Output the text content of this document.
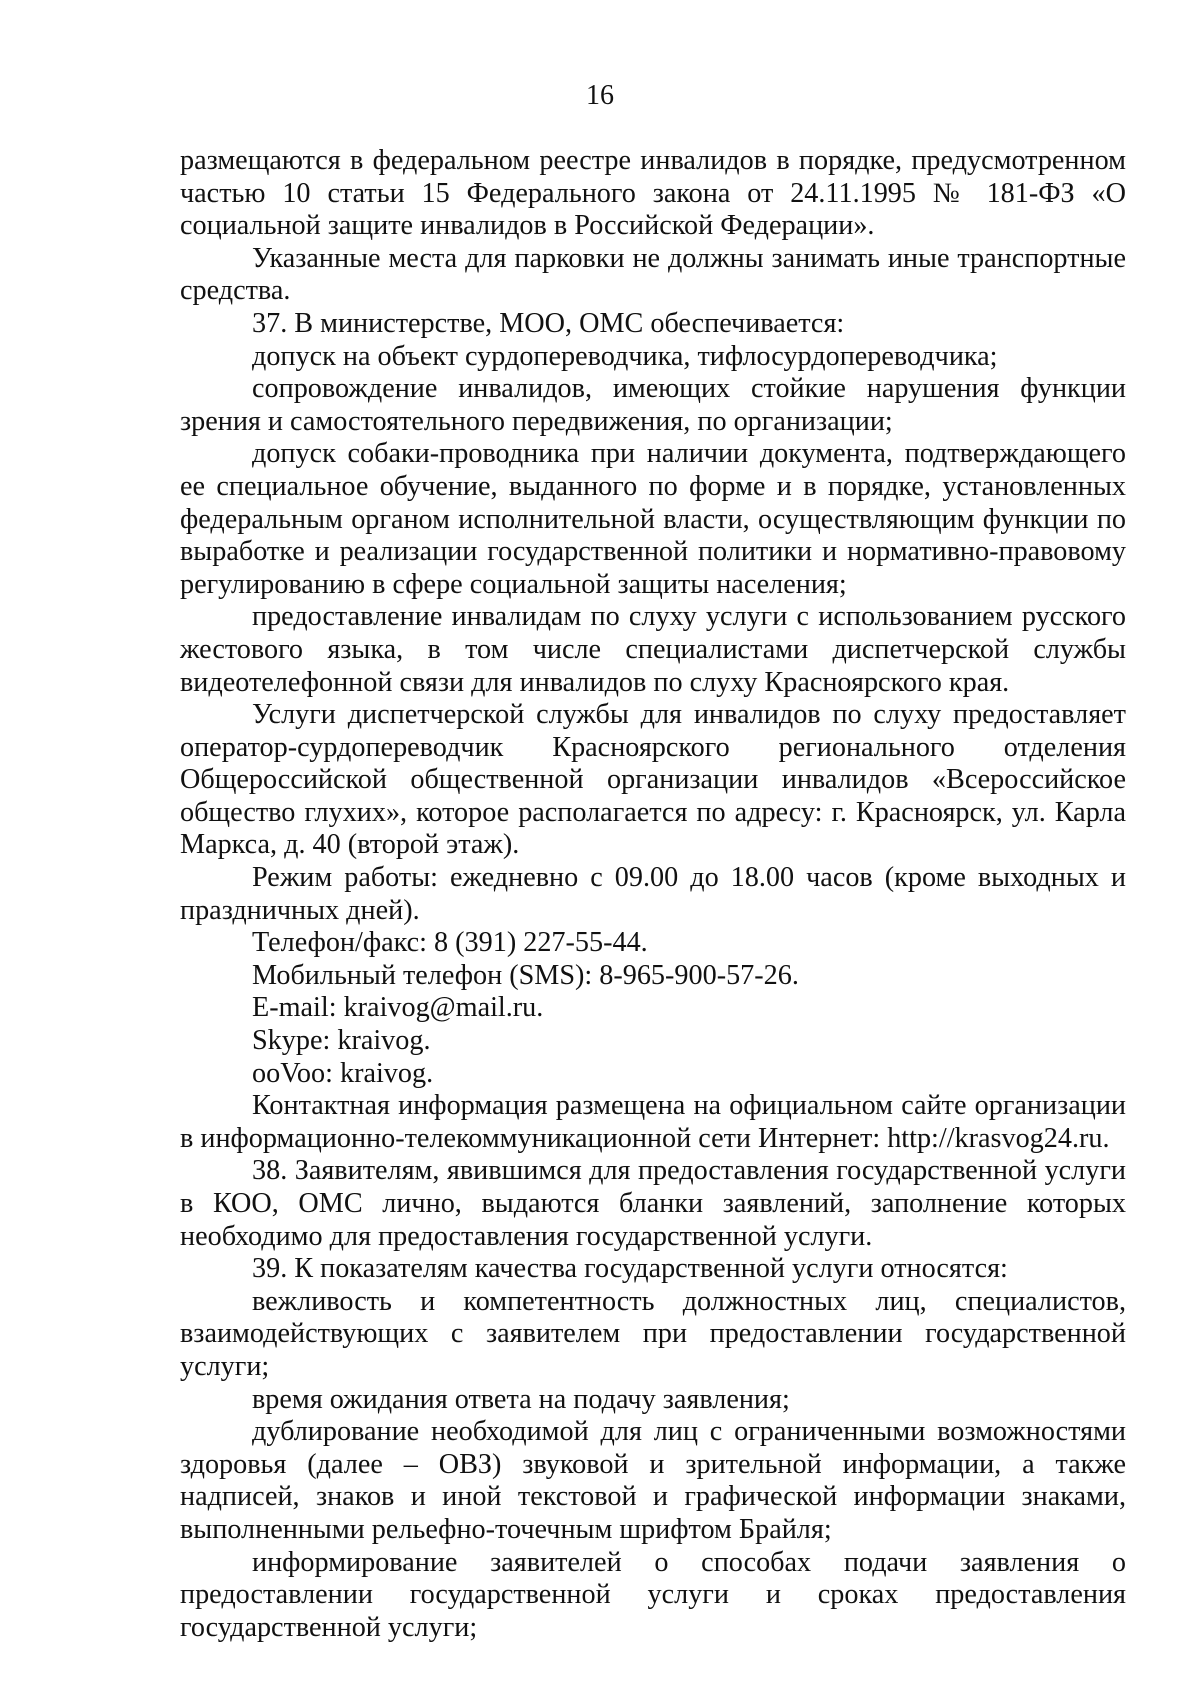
16

размещаются в федеральном реестре инвалидов в порядке, предусмотренном частью 10 статьи 15 Федерального закона от 24.11.1995 № 181-ФЗ «О социальной защите инвалидов в Российской Федерации».

Указанные места для парковки не должны занимать иные транспортные средства.

37. В министерстве, МОО, ОМС обеспечивается:

допуск на объект сурдопереводчика, тифлосурдопереводчика;

сопровождение инвалидов, имеющих стойкие нарушения функции зрения и самостоятельного передвижения, по организации;

допуск собаки-проводника при наличии документа, подтверждающего ее специальное обучение, выданного по форме и в порядке, установленных федеральным органом исполнительной власти, осуществляющим функции по выработке и реализации государственной политики и нормативно-правовому регулированию в сфере социальной защиты населения;

предоставление инвалидам по слуху услуги с использованием русского жестового языка, в том числе специалистами диспетчерской службы видеотелефонной связи для инвалидов по слуху Красноярского края.

Услуги диспетчерской службы для инвалидов по слуху предоставляет оператор-сурдопереводчик Красноярского регионального отделения Общероссийской общественной организации инвалидов «Всероссийское общество глухих», которое располагается по адресу: г. Красноярск, ул. Карла Маркса, д. 40 (второй этаж).

Режим работы: ежедневно с 09.00 до 18.00 часов (кроме выходных и праздничных дней).

Телефон/факс: 8 (391) 227-55-44.

Мобильный телефон (SMS): 8-965-900-57-26.

E-mail: kraivog@mail.ru.

Skype: kraivog.

ooVoo: kraivog.

Контактная информация размещена на официальном сайте организации в информационно-телекоммуникационной сети Интернет: http://krasvog24.ru.

38. Заявителям, явившимся для предоставления государственной услуги в КОО, ОМС лично, выдаются бланки заявлений, заполнение которых необходимо для предоставления государственной услуги.

39. К показателям качества государственной услуги относятся:

вежливость и компетентность должностных лиц, специалистов, взаимодействующих с заявителем при предоставлении государственной услуги;

время ожидания ответа на подачу заявления;

дублирование необходимой для лиц с ограниченными возможностями здоровья (далее – ОВЗ) звуковой и зрительной информации, а также надписей, знаков и иной текстовой и графической информации знаками, выполненными рельефно-точечным шрифтом Брайля;

информирование заявителей о способах подачи заявления о предоставлении государственной услуги и сроках предоставления государственной услуги;
